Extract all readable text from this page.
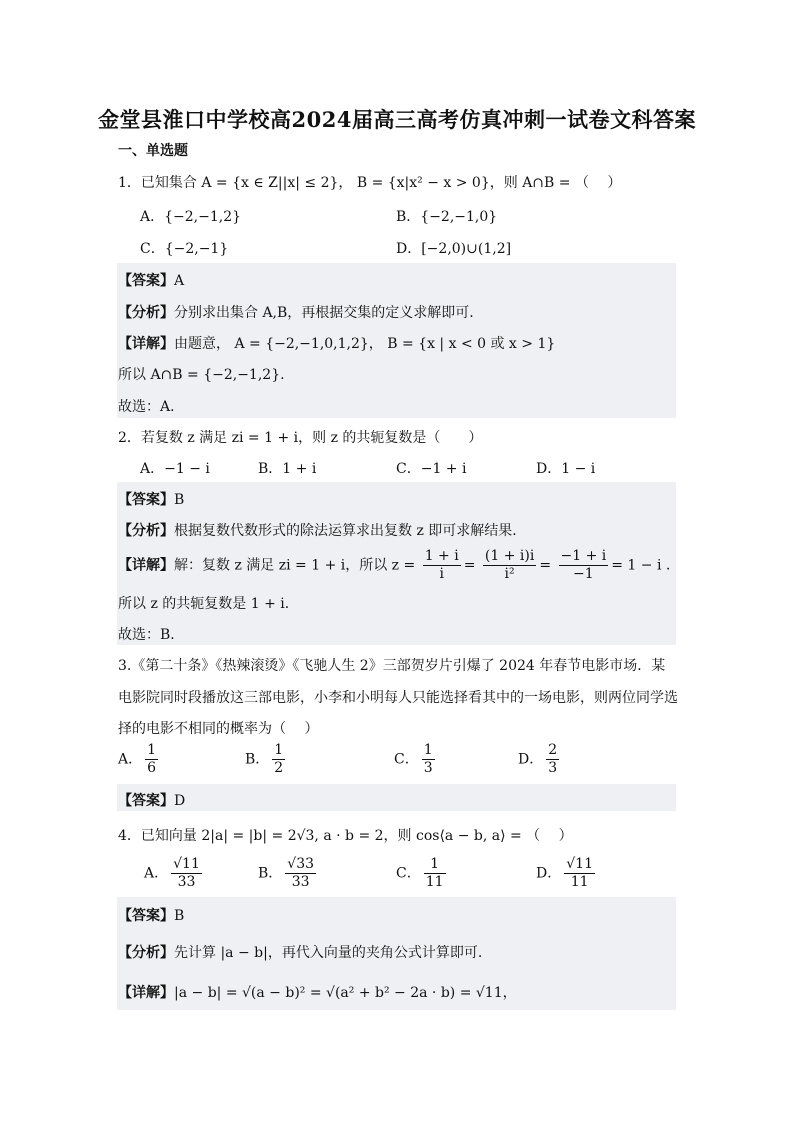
金堂县淮口中学校高2024届高三高考仿真冲刺一试卷文科答案
一、单选题
1．已知集合 A = {x ∈ Z||x| ≤ 2}， B = {x|x² − x > 0}，则 A∩B = （　 ）
A．{−2,−1,2}	B．{−2,−1,0}
C．{−2,−1}	D．[−2,0)∪(1,2]
【答案】A
【分析】分别求出集合 A,B，再根据交集的定义求解即可.
【详解】由题意， A = {−2,−1,0,1,2}， B = {x | x < 0 或 x > 1}
所以 A∩B = {−2,−1,2}.
故选：A．
2．若复数 z 满足 zi = 1 + i，则 z 的共轭复数是（　　）
A．−1 − i	B．1 + i	C．−1 + i	D．1 − i
【答案】B
【分析】根据复数代数形式的除法运算求出复数 z 即可求解结果．
【详解】解：复数 z 满足 zi = 1 + i，所以 $z = \frac{1 + i}{i} = \frac{(1 + i)i}{\text{i²}} = \frac{-1 + i}{-1} = 1 - i$ .
所以 z 的共轭复数是 1 + i．
故选：B．
3.《第二十条》《热辣滚烫》《飞驰人生 2》三部贺岁片引爆了 2024 年春节电影市场．某
电影院同时段播放这三部电影，小李和小明每人只能选择看其中的一场电影，则两位同学选
择的电影不相同的概率为（　 ）
A． $\frac{1}{6}$	B． $\frac{1}{2}$	C． $\frac{1}{3}$	D． $\frac{2}{3}$
【答案】D
4．已知向量 2|a| = |b| = 2√3, a · b = 2，则 cos⟨a − b, a⟩ = （　 ）
A． $\frac{√11}{33}$	B． $\frac{√33}{33}$	C． $\frac{1}{11}$	D． $\frac{√11}{11}$
【答案】B
【分析】先计算 |a − b|，再代入向量的夹角公式计算即可.
【详解】|a − b| = √(a − b)² = √(a² + b² − 2a · b) = √11，
